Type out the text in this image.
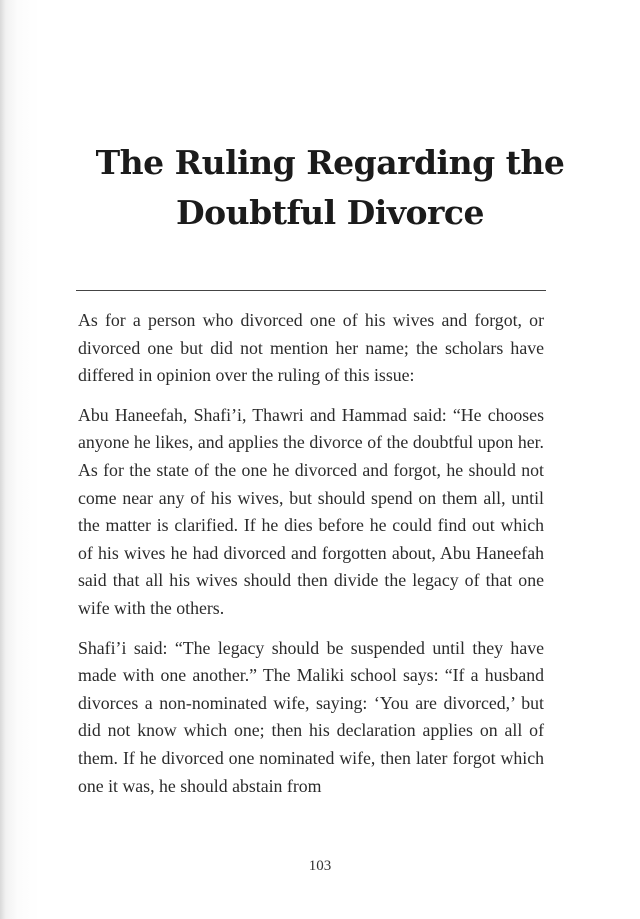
The Ruling Regarding the
Doubtful Divorce

As for a person who divorced one of his wives and forgot, or divorced one but did not mention her name; the scholars have differed in opinion over the ruling of this issue:

Abu Haneefah, Shafi’i, Thawri and Hammad said: “He chooses anyone he likes, and applies the divorce of the doubtful upon her. As for the state of the one he divorced and forgot, he should not come near any of his wives, but should spend on them all, until the matter is clarified. If he dies before he could find out which of his wives he had divorced and forgotten about, Abu Haneefah said that all his wives should then divide the legacy of that one wife with the others.

Shafi’i said: “The legacy should be suspended until they have made with one another.” The Maliki school says: “If a husband divorces a non-nominated wife, saying: ‘You are divorced,’ but did not know which one; then his declaration applies on all of them. If he divorced one nominated wife, then later forgot which one it was, he should abstain from

103
